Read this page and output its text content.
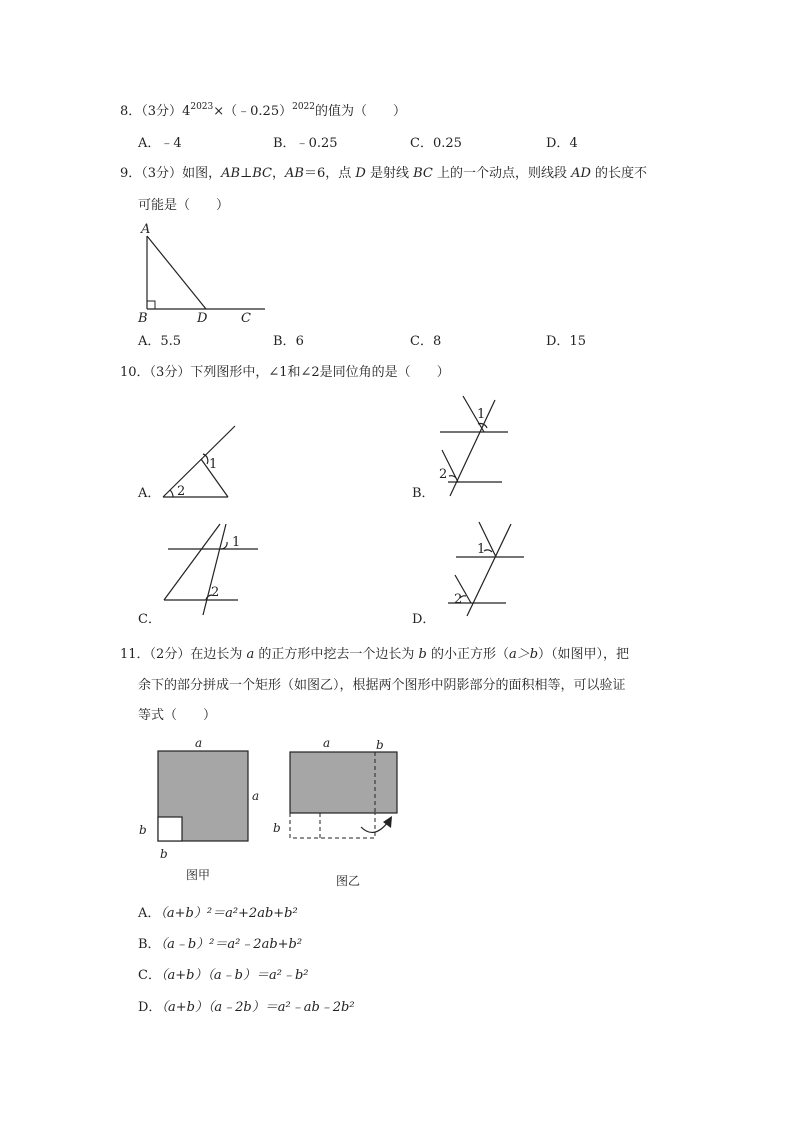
8．（3分）$4^{2023}\times(﹣0.25)^{2022}$的值为（　　）
A．﹣4	B．﹣0.25	C．0.25	D．4
9．（3分）如图，AB⊥BC，AB＝6，点 D 是射线 BC 上的一个动点，则线段 AD 的长度不
可能是（　　）
A
B	D	C
A．5.5	B．6	C．8	D．15
10．（3分）下列图形中，∠1和∠2是同位角的是（　　）
A．	B．
C．	D．
1
2
1
2
1
2
1
2
11．（2分）在边长为 a 的正方形中挖去一个边长为 b 的小正方形（a＞b）（如图甲），把
余下的部分拼成一个矩形（如图乙），根据两个图形中阴影部分的面积相等，可以验证
等式（　　）
a
a
b
b
图甲
a	b
b
图乙
A．（a+b）²＝a²+2ab+b²
B．（a﹣b）²＝a²﹣2ab+b²
C．（a+b）（a﹣b）＝a²﹣b²
D．（a+b）（a﹣2b）＝a²﹣ab﹣2b²
